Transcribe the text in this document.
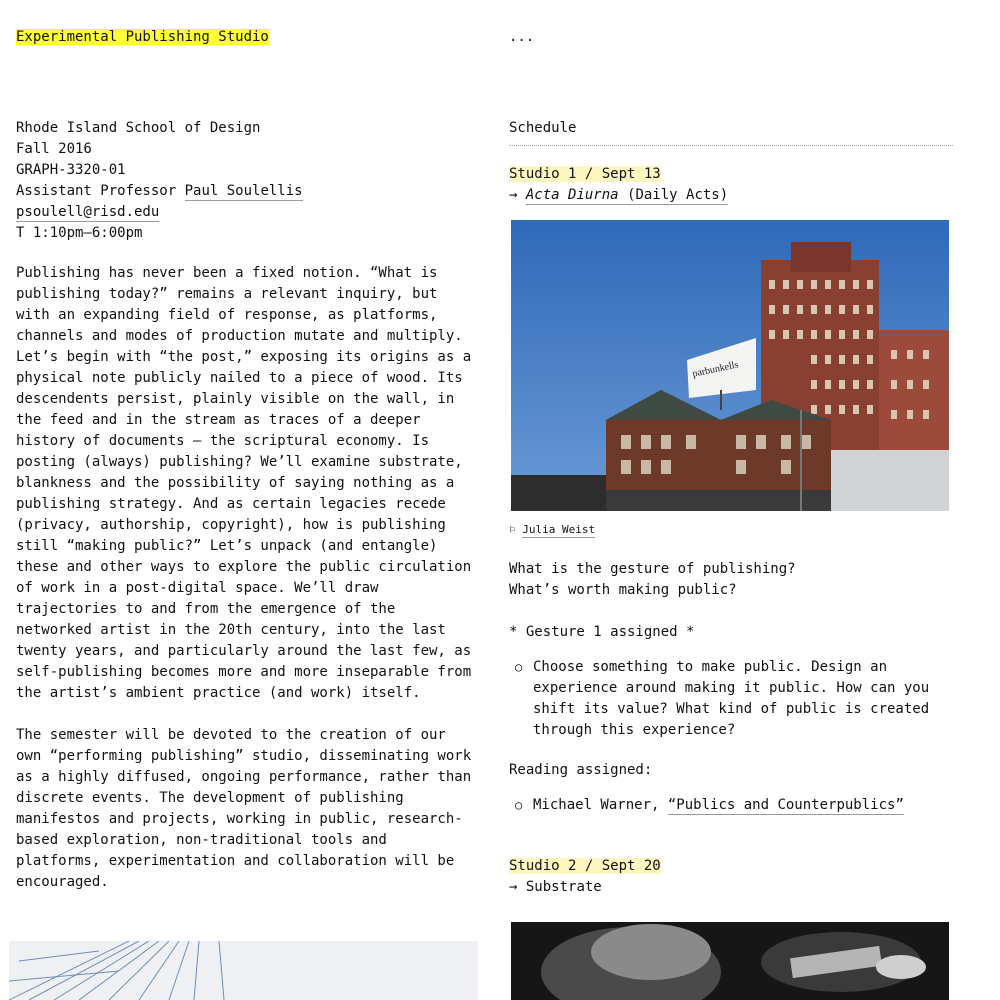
Experimental Publishing Studio
Rhode Island School of Design
Fall 2016
GRAPH-3320-01
Assistant Professor Paul Soulellis
psoulell@risd.edu
T 1:10pm–6:00pm

Publishing has never been a fixed notion. “What is publishing today?” remains a relevant inquiry, but with an expanding field of response, as platforms, channels and modes of production mutate and multiply. Let’s begin with “the post,” exposing its origins as a physical note publicly nailed to a piece of wood. Its descendents persist, plainly visible on the wall, in the feed and in the stream as traces of a deeper history of documents — the scriptural economy. Is posting (always) publishing? We’ll examine substrate, blankness and the possibility of saying nothing as a publishing strategy. And as certain legacies recede (privacy, authorship, copyright), how is publishing still “making public?” Let’s unpack (and entangle) these and other ways to explore the public circulation of work in a post-digital space. We’ll draw trajectories to and from the emergence of the networked artist in the 20th century, into the last twenty years, and particularly around the last few, as self-publishing becomes more and more inseparable from the artist’s ambient practice (and work) itself.

The semester will be devoted to the creation of our own “performing publishing” studio, disseminating work as a highly diffused, ongoing performance, rather than discrete events. The development of publishing manifestos and projects, working in public, research-based exploration, non-traditional tools and platforms, experimentation and collaboration will be encouraged.

...
Schedule
Studio 1 / Sept 13
→ Acta Diurna (Daily Acts)
parbunkells
⚐ Julia Weist
What is the gesture of publishing?
What’s worth making public?
* Gesture 1 assigned *
○ Choose something to make public. Design an experience around making it public. How can you shift its value? What kind of public is created through this experience?
Reading assigned:
○ Michael Warner, “Publics and Counterpublics”
Studio 2 / Sept 20
→ Substrate
